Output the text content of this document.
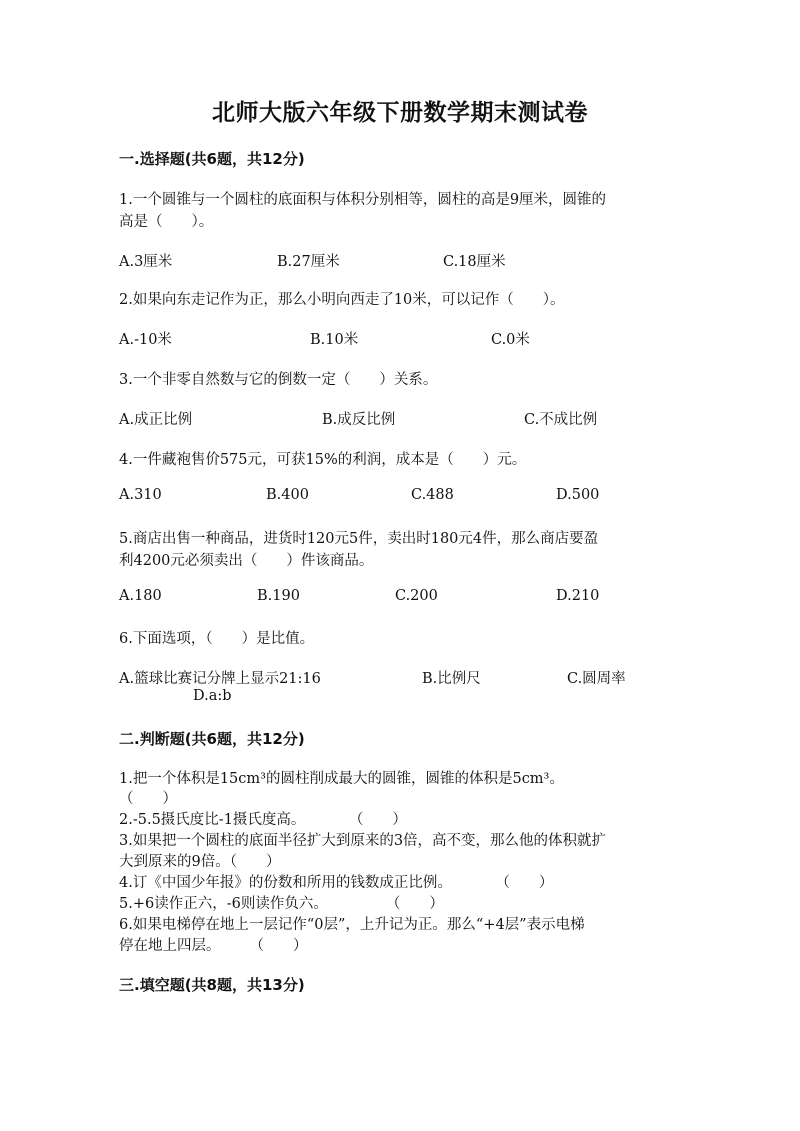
北师大版六年级下册数学期末测试卷
一.选择题(共6题，共12分)
1.一个圆锥与一个圆柱的底面积与体积分别相等，圆柱的高是9厘米，圆锥的
高是（　　）。
A.3厘米	B.27厘米	C.18厘米
2.如果向东走记作为正，那么小明向西走了10米，可以记作（　　）。
A.-10米	B.10米	C.0米
3.一个非零自然数与它的倒数一定（　　）关系。
A.成正比例	B.成反比例	C.不成比例
4.一件藏袍售价575元，可获15%的利润，成本是（　　）元。
A.310	B.400	C.488	D.500
5.商店出售一种商品，进货时120元5件，卖出时180元4件，那么商店要盈
利4200元必须卖出（　　）件该商品。
A.180	B.190	C.200	D.210
6.下面选项，（　　）是比值。
A.篮球比赛记分牌上显示21:16	B.比例尺	C.圆周率
D.a:b
二.判断题(共6题，共12分)
1.把一个体积是15cm³的圆柱削成最大的圆锥，圆锥的体积是5cm³。
（　　）
2.-5.5摄氏度比-1摄氏度高。　　　　（　　）
3.如果把一个圆柱的底面半径扩大到原来的3倍，高不变，那么他的体积就扩
大到原来的9倍。（　　）
4.订《中国少年报》的份数和所用的钱数成正比例。　　　　（　　）
5.+6读作正六，-6则读作负六。　　　　　（　　）
6.如果电梯停在地上一层记作“0层”，上升记为正。那么“+4层”表示电梯
停在地上四层。　　　（　　）
三.填空题(共8题，共13分)
